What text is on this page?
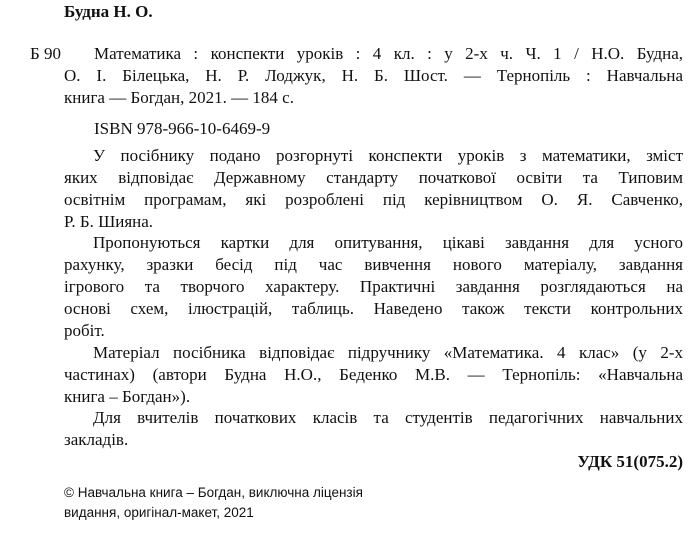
Будна Н. О.
Б 90 Математика : конспекти уроків : 4 кл. : у 2-х ч. Ч. 1 / Н.О. Будна,
О. І. Білецька, Н. Р. Лоджук, Н. Б. Шост. — Тернопіль : Навчальна
книга — Богдан, 2021. — 184 с.
ISBN 978-966-10-6469-9
У посібнику подано розгорнуті конспекти уроків з математики, зміст
яких відповідає Державному стандарту початкової освіти та Типовим
освітнім програмам, які розроблені під керівництвом О. Я. Савченко,
Р. Б. Шияна.
Пропонуються картки для опитування, цікаві завдання для усного
рахунку, зразки бесід під час вивчення нового матеріалу, завдання
ігрового та творчого характеру. Практичні завдання розглядаються на
основі схем, ілюстрацій, таблиць. Наведено також тексти контрольних
робіт.
Матеріал посібника відповідає підручнику «Математика. 4 клас» (у 2-х
частинах) (автори Будна Н.О., Беденко М.В. — Тернопіль: «Навчальна
книга – Богдан»).
Для вчителів початкових класів та студентів педагогічних навчальних
закладів.
УДК 51(075.2)
© Навчальна книга – Богдан, виключна ліцензія
видання, оригінал-макет, 2021
